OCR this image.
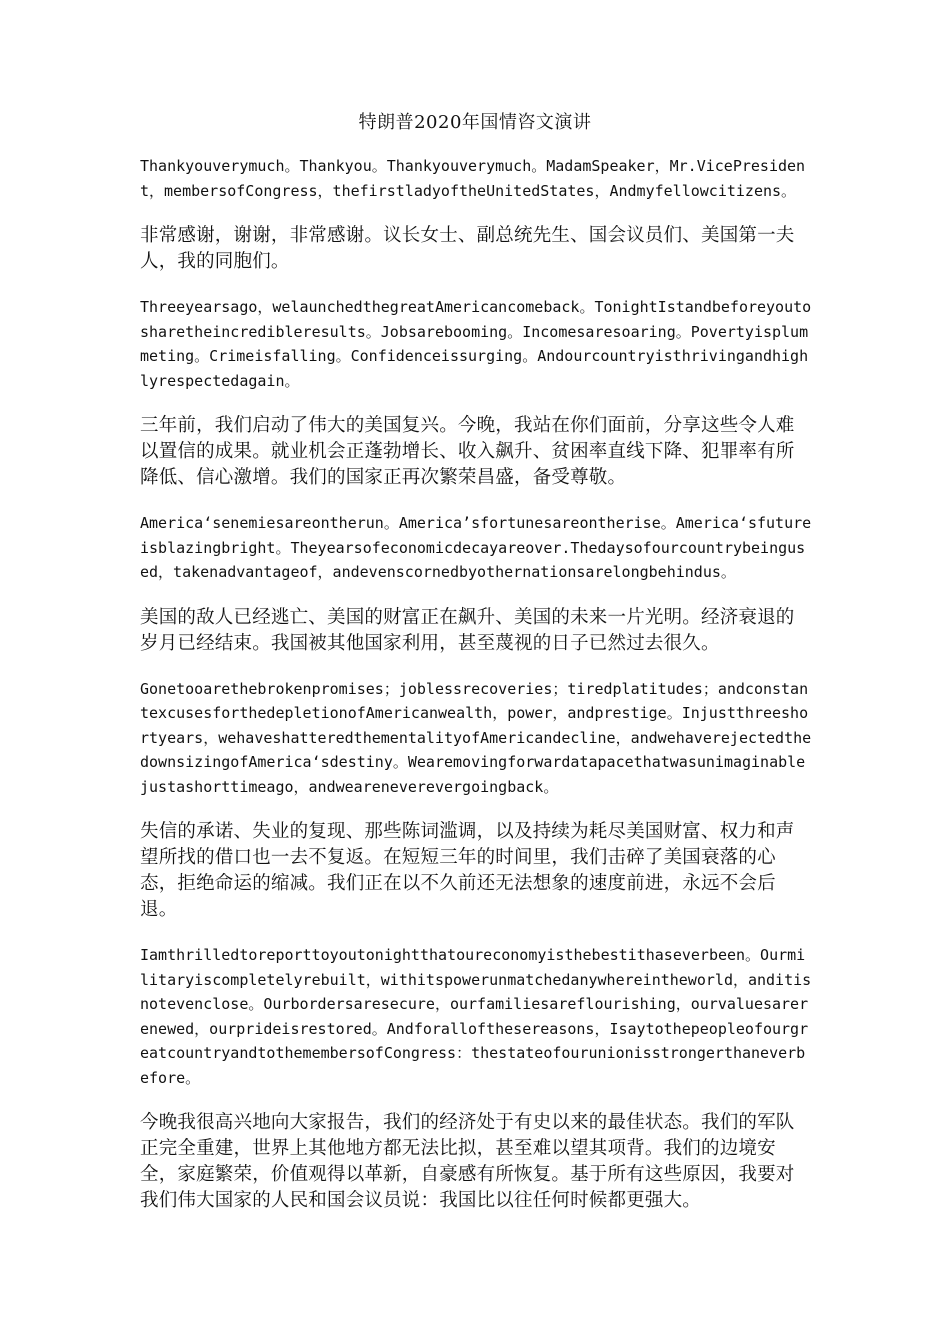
特朗普2020年国情咨文演讲

Thankyouverymuch。Thankyou。Thankyouverymuch。MadamSpeaker，Mr.VicePresident，membersofCongress，thefirstladyoftheUnitedStates，Andmyfellowcitizens。

非常感谢，谢谢，非常感谢。议长女士、副总统先生、国会议员们、美国第一夫人，我的同胞们。

Threeyearsago，welaunchedthegreatAmericancomeback。TonightIstandbeforeyoutosharetheincredibleresults。Jobsarebooming。Incomesaresoaring。Povertyisplummeting。Crimeisfalling。Confidenceissurging。Andourcountryisthrivingandhighlyrespectedagain。

三年前，我们启动了伟大的美国复兴。今晚，我站在你们面前，分享这些令人难以置信的成果。就业机会正蓬勃增长、收入飙升、贫困率直线下降、犯罪率有所降低、信心激增。我们的国家正再次繁荣昌盛，备受尊敬。

America‘senemiesareontherun。America’sfortunesareontherise。America‘sfutureisblazingbright。Theyearsofeconomicdecayareover.Thedaysofourcountrybeingused，takenadvantageof，andevenscornedbyothernationsarelongbehindus。

美国的敌人已经逃亡、美国的财富正在飙升、美国的未来一片光明。经济衰退的岁月已经结束。我国被其他国家利用，甚至蔑视的日子已然过去很久。

Gonetooarethebrokenpromises；joblessrecoveries；tiredplatitudes；andconstantexcusesforthedepletionofAmericanwealth，power，andprestige。Injustthreeshortyears，wehaveshatteredthementalityofAmericandecline，andwehaverejectedthedownsizingofAmerica‘sdestiny。Wearemovingforwardatapacethatwasunimaginablejustashorttimeago，andweareneverevergoingback。

失信的承诺、失业的复现、那些陈词滥调，以及持续为耗尽美国财富、权力和声望所找的借口也一去不复返。在短短三年的时间里，我们击碎了美国衰落的心态，拒绝命运的缩减。我们正在以不久前还无法想象的速度前进，永远不会后退。

Iamthrilledtoreporttoyoutonightthatoureconomyisthebestithaseverbeen。Ourmilitaryiscompletelyrebuilt，withitspowerunmatchedanywhereintheworld，anditisnotevenclose。Ourbordersaresecure，ourfamiliesareflourishing，ourvaluesarerenewed，ourprideisrestored。Andforallofthesereasons，IsaytothepeopleofourgreatcountryandtothemembersofCongress：thestateofourunionisstrongerthaneverbefore。

今晚我很高兴地向大家报告，我们的经济处于有史以来的最佳状态。我们的军队正完全重建，世界上其他地方都无法比拟，甚至难以望其项背。我们的边境安全，家庭繁荣，价值观得以革新，自豪感有所恢复。基于所有这些原因，我要对我们伟大国家的人民和国会议员说：我国比以往任何时候都更强大。
